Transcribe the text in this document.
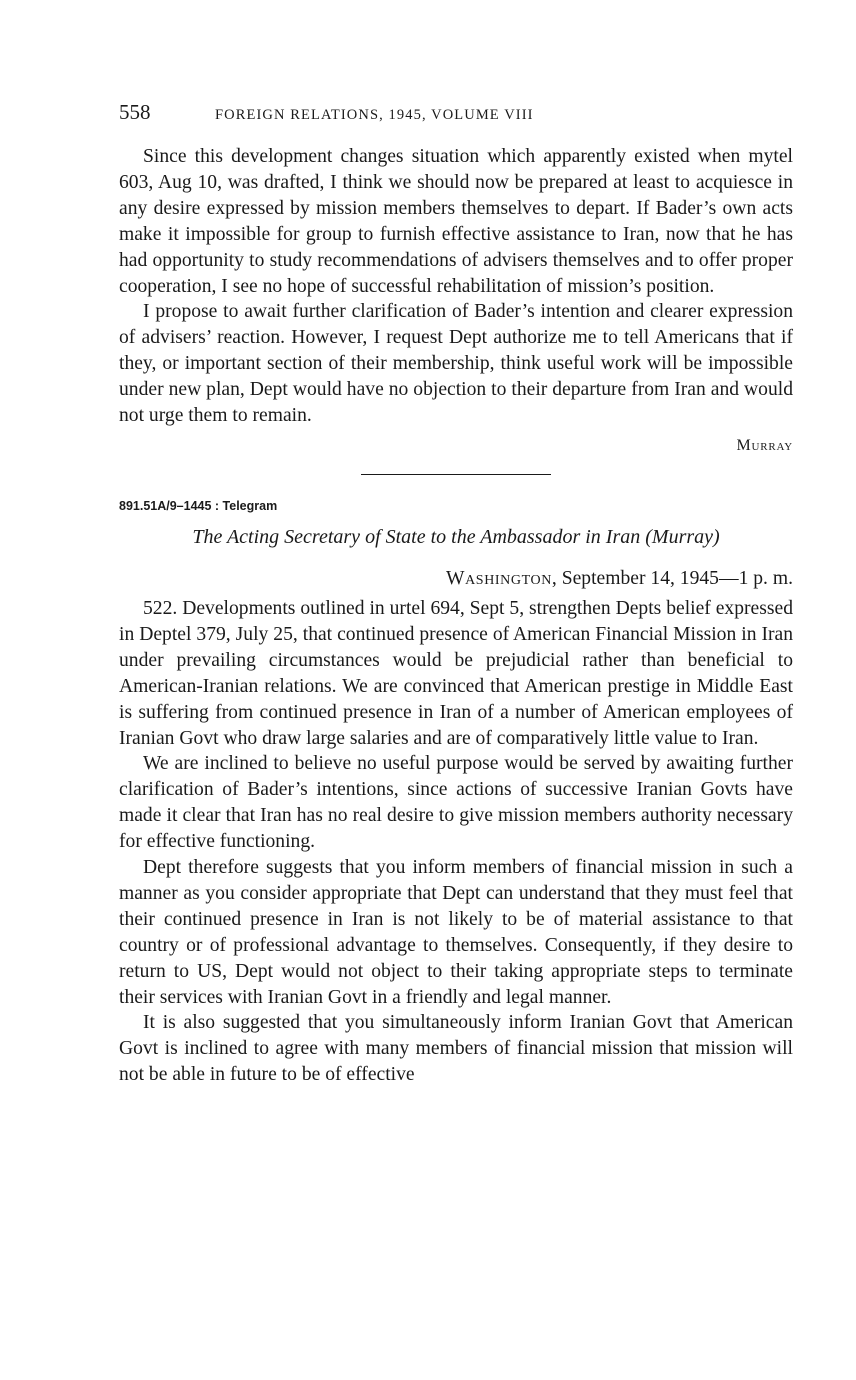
558	FOREIGN RELATIONS, 1945, VOLUME VIII

Since this development changes situation which apparently existed when mytel 603, Aug 10, was drafted, I think we should now be prepared at least to acquiesce in any desire expressed by mission members themselves to depart. If Bader’s own acts make it impossible for group to furnish effective assistance to Iran, now that he has had opportunity to study recommendations of advisers themselves and to offer proper cooperation, I see no hope of successful rehabilitation of mission’s position.

I propose to await further clarification of Bader’s intention and clearer expression of advisers’ reaction. However, I request Dept authorize me to tell Americans that if they, or important section of their membership, think useful work will be impossible under new plan, Dept would have no objection to their departure from Iran and would not urge them to remain.

Murray
891.51A/9–1445 : Telegram
The Acting Secretary of State to the Ambassador in Iran (Murray)
Washington, September 14, 1945—1 p. m.

522. Developments outlined in urtel 694, Sept 5, strengthen Depts belief expressed in Deptel 379, July 25, that continued presence of American Financial Mission in Iran under prevailing circumstances would be prejudicial rather than beneficial to American-Iranian relations. We are convinced that American prestige in Middle East is suffering from continued presence in Iran of a number of American employees of Iranian Govt who draw large salaries and are of comparatively little value to Iran.

We are inclined to believe no useful purpose would be served by awaiting further clarification of Bader’s intentions, since actions of successive Iranian Govts have made it clear that Iran has no real desire to give mission members authority necessary for effective functioning.

Dept therefore suggests that you inform members of financial mission in such a manner as you consider appropriate that Dept can understand that they must feel that their continued presence in Iran is not likely to be of material assistance to that country or of professional advantage to themselves. Consequently, if they desire to return to US, Dept would not object to their taking appropriate steps to terminate their services with Iranian Govt in a friendly and legal manner.

It is also suggested that you simultaneously inform Iranian Govt that American Govt is inclined to agree with many members of financial mission that mission will not be able in future to be of effective
